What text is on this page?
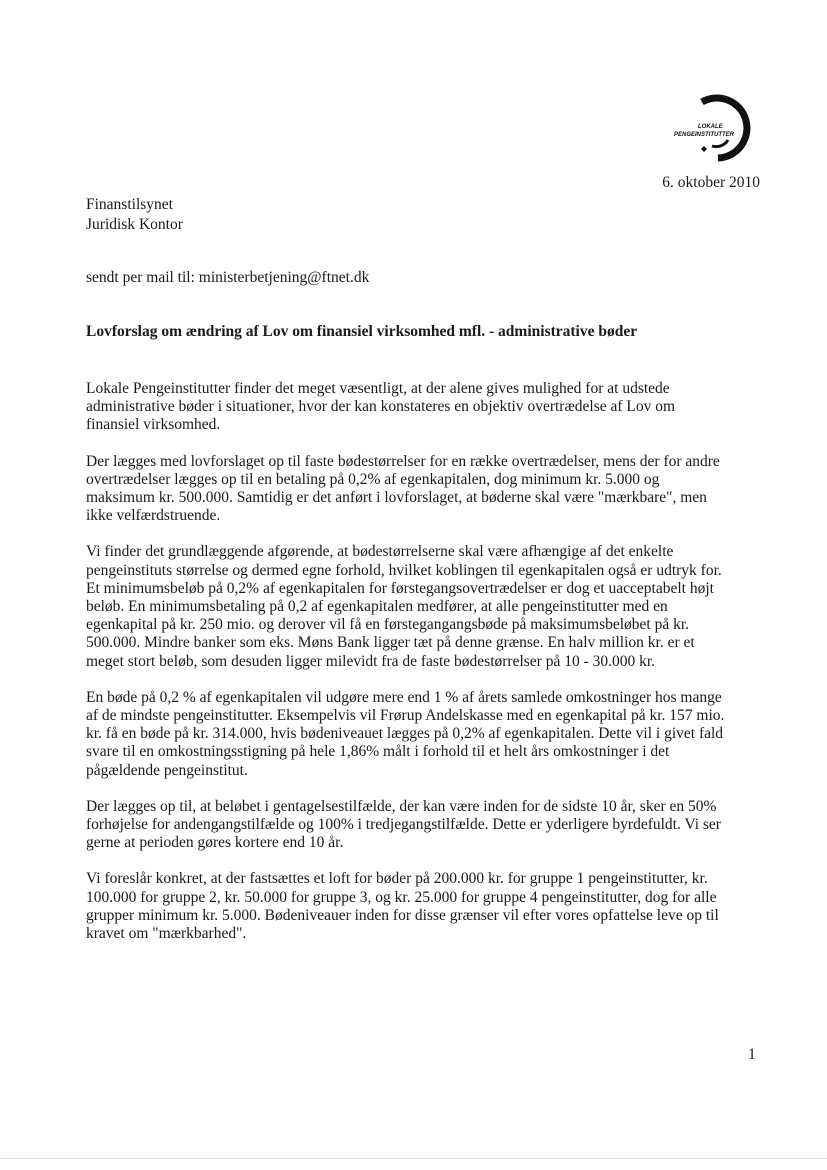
LOKALE
PENGEINSTITUTTER
6. oktober 2010
Finanstilsynet
Juridisk Kontor
sendt per mail til: ministerbetjening@ftnet.dk
Lovforslag om ændring af Lov om finansiel virksomhed mfl. - administrative bøder
Lokale Pengeinstitutter finder det meget væsentligt, at der alene gives mulighed for at udstede
administrative bøder i situationer, hvor der kan konstateres en objektiv overtrædelse af Lov om
finansiel virksomhed.
Der lægges med lovforslaget op til faste bødestørrelser for en række overtrædelser, mens der for andre
overtrædelser lægges op til en betaling på 0,2% af egenkapitalen, dog minimum kr. 5.000 og
maksimum kr. 500.000. Samtidig er det anført i lovforslaget, at bøderne skal være "mærkbare", men
ikke velfærdstruende.
Vi finder det grundlæggende afgørende, at bødestørrelserne skal være afhængige af det enkelte
pengeinstituts størrelse og dermed egne forhold, hvilket koblingen til egenkapitalen også er udtryk for.
Et minimumsbeløb på 0,2% af egenkapitalen for førstegangsovertrædelser er dog et uacceptabelt højt
beløb. En minimumsbetaling på 0,2 af egenkapitalen medfører, at alle pengeinstitutter med en
egenkapital på kr. 250 mio. og derover vil få en førstegangangsbøde på maksimumsbeløbet på kr.
500.000. Mindre banker som eks. Møns Bank ligger tæt på denne grænse. En halv million kr. er et
meget stort beløb, som desuden ligger milevidt fra de faste bødestørrelser på 10 - 30.000 kr.
En bøde på 0,2 % af egenkapitalen vil udgøre mere end 1 % af årets samlede omkostninger hos mange
af de mindste pengeinstitutter. Eksempelvis vil Frørup Andelskasse med en egenkapital på kr. 157 mio.
kr. få en bøde på kr. 314.000, hvis bødeniveauet lægges på 0,2% af egenkapitalen. Dette vil i givet fald
svare til en omkostningsstigning på hele 1,86% målt i forhold til et helt års omkostninger i det
pågældende pengeinstitut.
Der lægges op til, at beløbet i gentagelsestilfælde, der kan være inden for de sidste 10 år, sker en 50%
forhøjelse for andengangstilfælde og 100% i tredjegangstilfælde. Dette er yderligere byrdefuldt. Vi ser
gerne at perioden gøres kortere end 10 år.
Vi foreslår konkret, at der fastsættes et loft for bøder på 200.000 kr. for gruppe 1 pengeinstitutter, kr.
100.000 for gruppe 2, kr. 50.000 for gruppe 3, og kr. 25.000 for gruppe 4 pengeinstitutter, dog for alle
grupper minimum kr. 5.000. Bødeniveauer inden for disse grænser vil efter vores opfattelse leve op til
kravet om "mærkbarhed".
1
